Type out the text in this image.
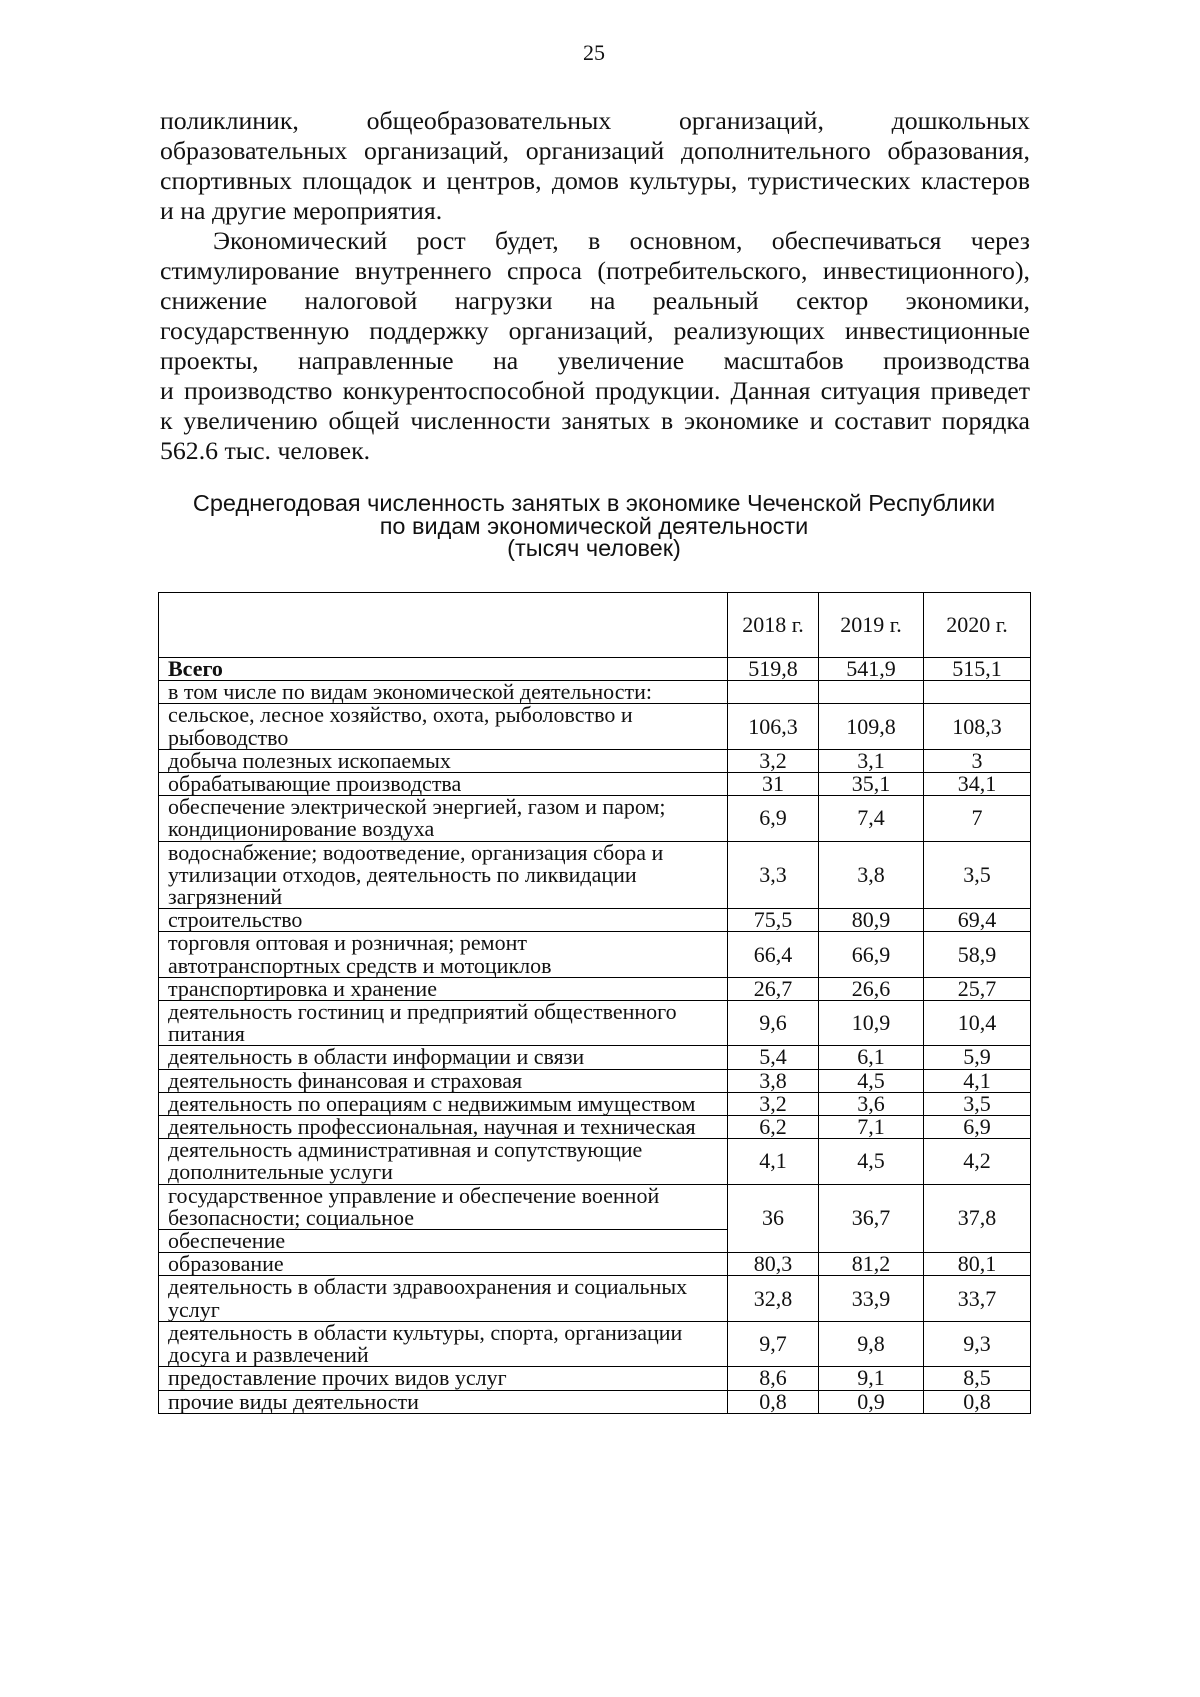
25
поликлиник, общеобразовательных организаций, дошкольных
образовательных организаций, организаций дополнительного образования,
спортивных площадок и центров, домов культуры, туристических кластеров
и на другие мероприятия.
Экономический рост будет, в основном, обеспечиваться через
стимулирование внутреннего спроса (потребительского, инвестиционного),
снижение налоговой нагрузки на реальный сектор экономики,
государственную поддержку организаций, реализующих инвестиционные
проекты, направленные на увеличение масштабов производства
и производство конкурентоспособной продукции. Данная ситуация приведет
к увеличению общей численности занятых в экономике и составит порядка
562.6 тыс. человек.
Среднегодовая численность занятых в экономике Чеченской Республики
по видам экономической деятельности
(тысяч человек)
	2018 г.	2019 г.	2020 г.

Всего	519,8	541,9	515,1

в том числе по видам экономической деятельности:			

сельское, лесное хозяйство, охота, рыболовство и
рыбоводство	106,3	109,8	108,3

добыча полезных ископаемых	3,2	3,1	3

обрабатывающие производства	31	35,1	34,1

обеспечение электрической энергией, газом и паром;
кондиционирование воздуха	6,9	7,4	7

водоснабжение; водоотведение, организация сбора и
утилизации отходов, деятельность по ликвидации
загрязнений	3,3	3,8	3,5

строительство	75,5	80,9	69,4

торговля оптовая и розничная; ремонт
автотранспортных средств и мотоциклов	66,4	66,9	58,9

транспортировка и хранение	26,7	26,6	25,7

деятельность гостиниц и предприятий общественного
питания	9,6	10,9	10,4

деятельность в области информации и связи	5,4	6,1	5,9

деятельность финансовая и страховая	3,8	4,5	4,1

деятельность по операциям с недвижимым имуществом	3,2	3,6	3,5

деятельность профессиональная, научная и техническая	6,2	7,1	6,9

деятельность административная и сопутствующие
дополнительные услуги	4,1	4,5	4,2

государственное управление и обеспечение военной
безопасности; социальное	36	36,7	37,8

обеспечение			

образование	80,3	81,2	80,1

деятельность в области здравоохранения и социальных
услуг	32,8	33,9	33,7

деятельность в области культуры, спорта, организации
досуга и развлечений	9,7	9,8	9,3

предоставление прочих видов услуг	8,6	9,1	8,5

прочие виды деятельности	0,8	0,9	0,8
